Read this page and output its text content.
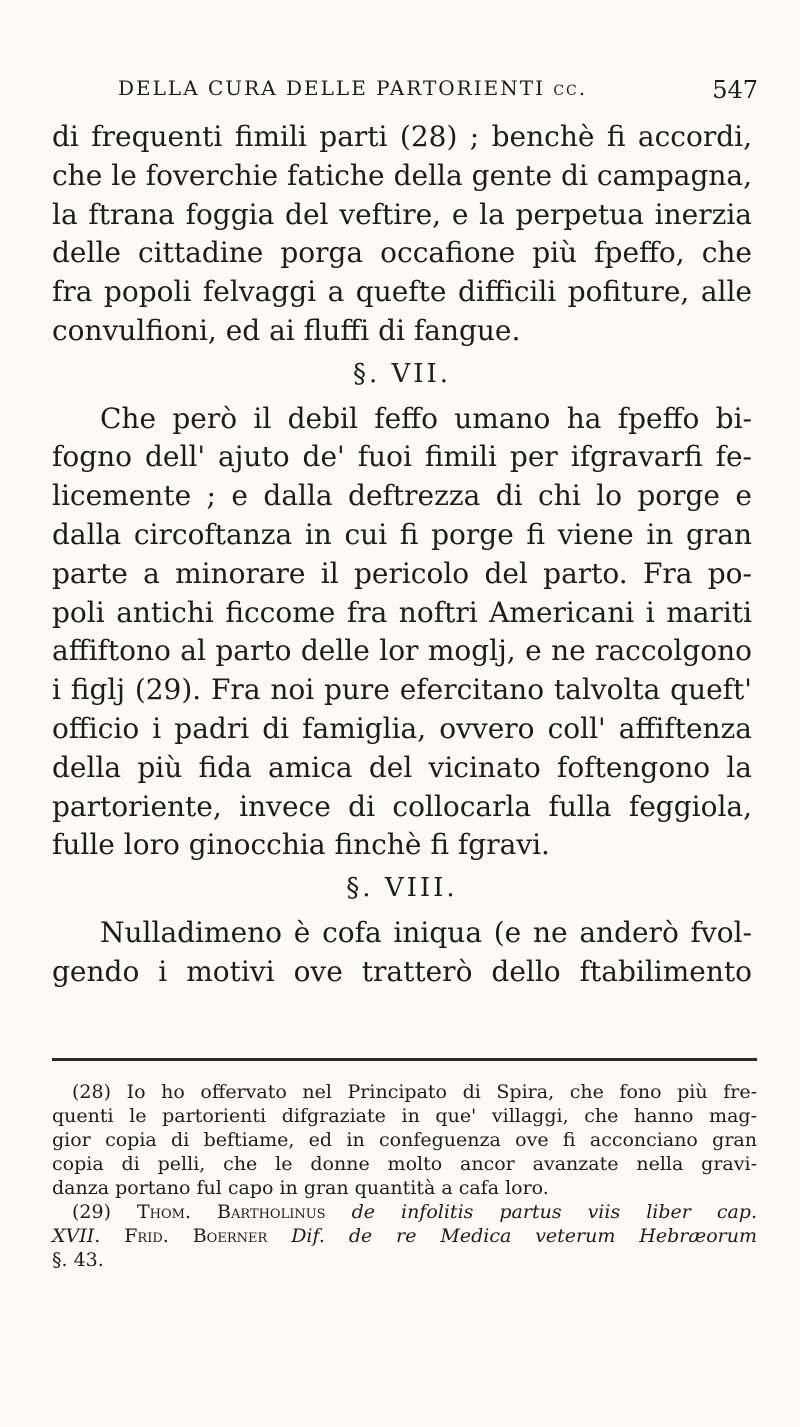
DELLA CURA DELLE PARTORIENTI cc.	547
di frequenti fimili parti (28) ; benchè fi accordi,
che le foverchie fatiche della gente di campagna,
la ftrana foggia del veftire, e la perpetua inerzia
delle cittadine porga occafione più fpeffo, che
fra popoli felvaggi a quefte difficili pofiture, alle
convulfioni, ed ai fluffi di fangue.
§. VII.
Che però il debil feffo umano ha fpeffo bi-
fogno dell' ajuto de' fuoi fimili per ifgravarfi fe-
licemente ; e dalla deftrezza di chi lo porge e
dalla circoftanza in cui fi porge fi viene in gran
parte a minorare il pericolo del parto. Fra po-
poli antichi ficcome fra noftri Americani i mariti
affiftono al parto delle lor moglj, e ne raccolgono
i figlj (29). Fra noi pure efercitano talvolta queft'
officio i padri di famiglia, ovvero coll' affiftenza
della più fida amica del vicinato foftengono la
partoriente, invece di collocarla fulla feggiola,
fulle loro ginocchia finchè fi fgravi.
§. VIII.
Nulladimeno è cofa iniqua (e ne anderò fvol-
gendo i motivi ove tratterò dello ftabilimento
(28) Io ho offervato nel Principato di Spira, che fono più fre-
quenti le partorienti difgraziate in que' villaggi, che hanno mag-
gior copia di beftiame, ed in confeguenza ove fi acconciano gran
copia di pelli, che le donne molto ancor avanzate nella gravi-
danza portano ful capo in gran quantità a cafa loro.
(29) Thom. Bartholinus de infolitis partus viis liber cap.
XVII. Frid. Boerner Dif. de re Medica veterum Hebræorum
§. 43.
